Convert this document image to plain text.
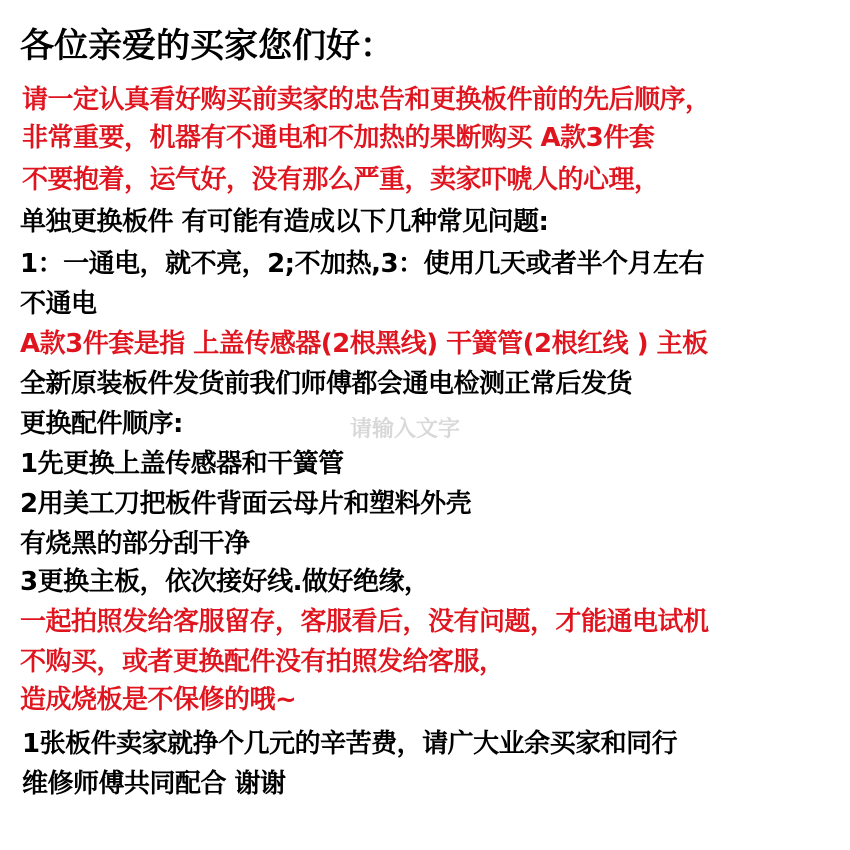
各位亲爱的买家您们好：
请一定认真看好购买前卖家的忠告和更换板件前的先后顺序，
非常重要，机器有不通电和不加热的果断购买 A款3件套
不要抱着，运气好，没有那么严重，卖家吓唬人的心理，
单独更换板件 有可能有造成以下几种常见问题:
1：一通电，就不亮，2;不加热,3：使用几天或者半个月左右
不通电
A款3件套是指 上盖传感器(2根黑线) 干簧管(2根红线 ) 主板
全新原装板件发货前我们师傅都会通电检测正常后发货
更换配件顺序:
1先更换上盖传感器和干簧管
2用美工刀把板件背面云母片和塑料外壳
有烧黑的部分刮干净
3更换主板，依次接好线.做好绝缘，
一起拍照发给客服留存，客服看后，没有问题，才能通电试机
不购买，或者更换配件没有拍照发给客服，
造成烧板是不保修的哦~
1张板件卖家就挣个几元的辛苦费，请广大业余买家和同行
维修师傅共同配合 谢谢
请输入文字
